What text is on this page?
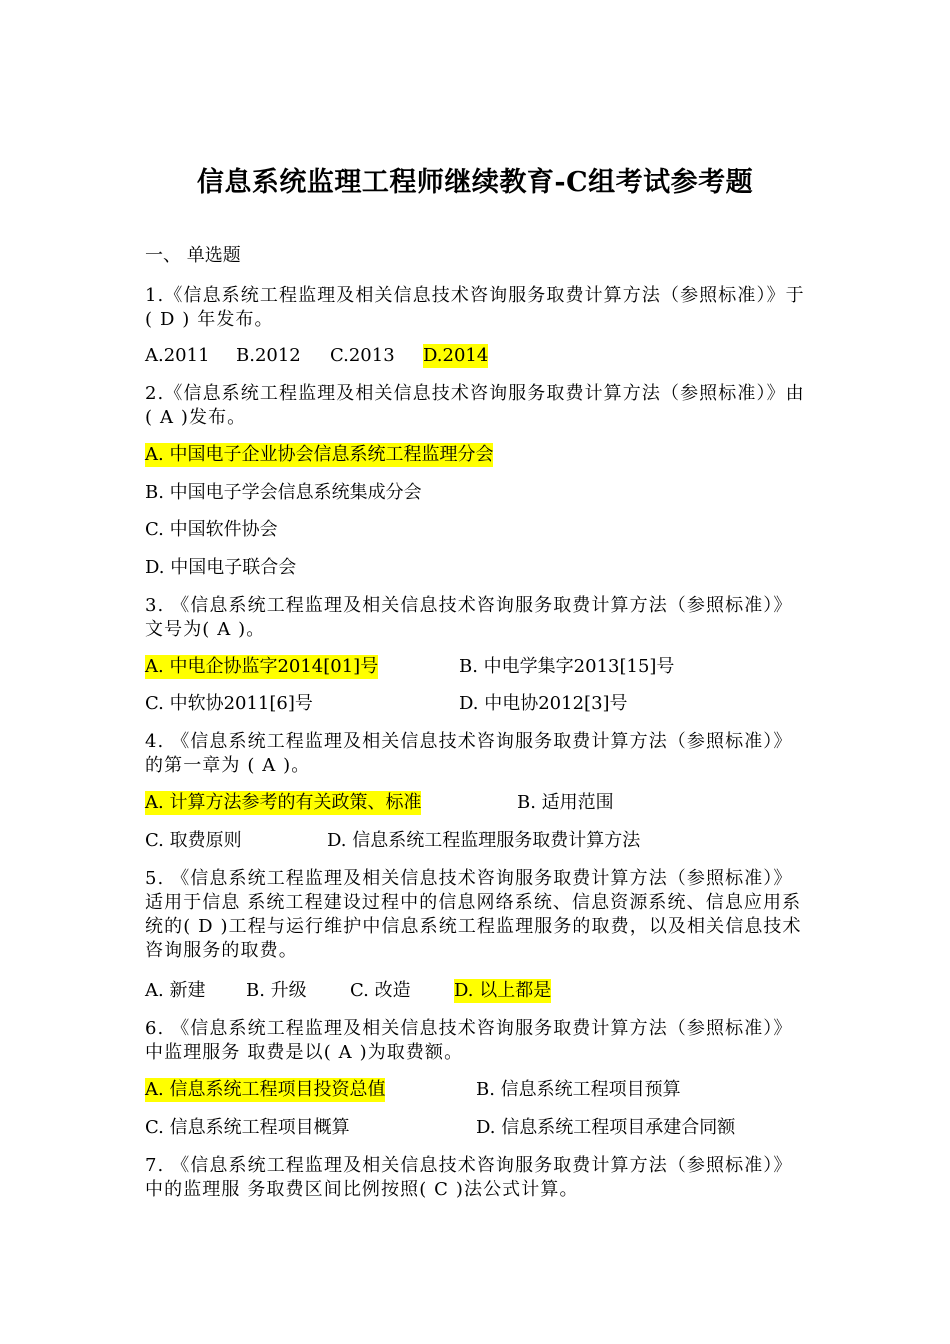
信息系统监理工程师继续教育-C组考试参考题
一、 单选题
1.《信息系统工程监理及相关信息技术咨询服务取费计算方法（参照标准）》于( D ) 年发布。
A.2011 B.2012 C.2013 D.2014
2.《信息系统工程监理及相关信息技术咨询服务取费计算方法（参照标准）》由( A )发布。
A. 中国电子企业协会信息系统工程监理分会
B. 中国电子学会信息系统集成分会
C. 中国软件协会
D. 中国电子联合会
3. 《信息系统工程监理及相关信息技术咨询服务取费计算方法（参照标准）》文号为( A )。
A. 中电企协监字2014[01]号	B. 中电学集字2013[15]号
C. 中软协2011[6]号	D. 中电协2012[3]号
4. 《信息系统工程监理及相关信息技术咨询服务取费计算方法（参照标准）》的第一章为 ( A )。
A. 计算方法参考的有关政策、标准	B. 适用范围
C. 取费原则	D. 信息系统工程监理服务取费计算方法
5. 《信息系统工程监理及相关信息技术咨询服务取费计算方法（参照标准）》适用于信息 系统工程建设过程中的信息网络系统、信息资源系统、信息应用系统的( D )工程与运行维护中信息系统工程监理服务的取费，以及相关信息技术咨询服务的取费。
A. 新建 B. 升级 C. 改造 D. 以上都是
6. 《信息系统工程监理及相关信息技术咨询服务取费计算方法（参照标准）》中监理服务 取费是以( A )为取费额。
A. 信息系统工程项目投资总值	B. 信息系统工程项目预算
C. 信息系统工程项目概算	D. 信息系统工程项目承建合同额
7. 《信息系统工程监理及相关信息技术咨询服务取费计算方法（参照标准）》中的监理服 务取费区间比例按照( C )法公式计算。
